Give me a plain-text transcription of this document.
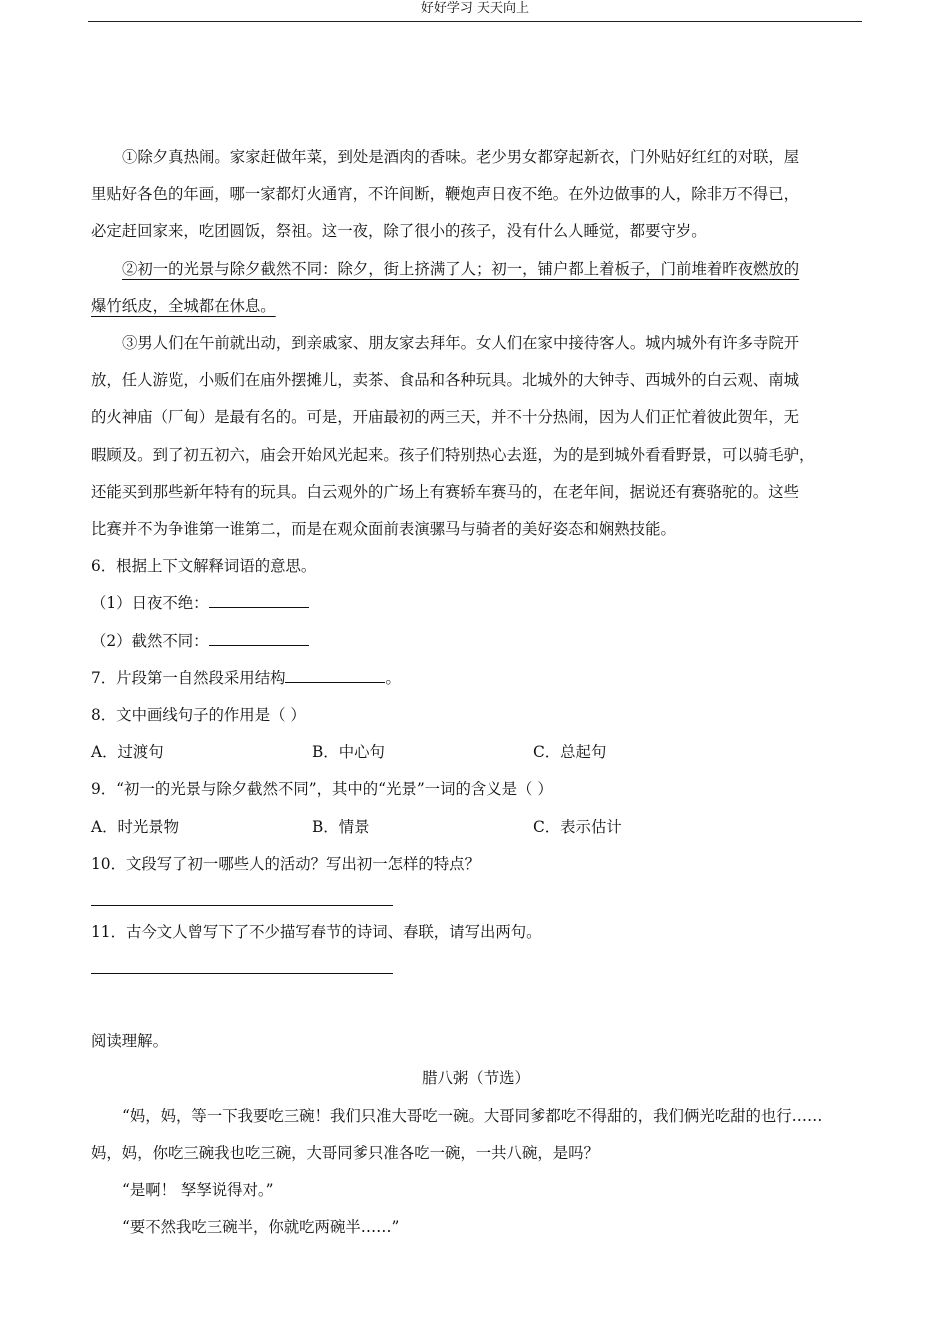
好好学习 天天向上
①除夕真热闹。家家赶做年菜，到处是酒肉的香味。老少男女都穿起新衣，门外贴好红红的对联，屋
里贴好各色的年画，哪一家都灯火通宵，不许间断，鞭炮声日夜不绝。在外边做事的人，除非万不得已，
必定赶回家来，吃团圆饭，祭祖。这一夜，除了很小的孩子，没有什么人睡觉，都要守岁。
②初一的光景与除夕截然不同：除夕，街上挤满了人；初一，铺户都上着板子，门前堆着昨夜燃放的
爆竹纸皮，全城都在休息。
③男人们在午前就出动，到亲戚家、朋友家去拜年。女人们在家中接待客人。城内城外有许多寺院开
放，任人游览，小贩们在庙外摆摊儿，卖茶、食品和各种玩具。北城外的大钟寺、西城外的白云观、南城
的火神庙（厂甸）是最有名的。可是，开庙最初的两三天，并不十分热闹，因为人们正忙着彼此贺年，无
暇顾及。到了初五初六，庙会开始风光起来。孩子们特别热心去逛，为的是到城外看看野景，可以骑毛驴，
还能买到那些新年特有的玩具。白云观外的广场上有赛轿车赛马的，在老年间，据说还有赛骆驼的。这些
比赛并不为争谁第一谁第二，而是在观众面前表演骡马与骑者的美好姿态和娴熟技能。

6．根据上下文解释词语的意思。

（1）日夜不绝：

（2）截然不同：

7．片段第一自然段采用结构	。

8．文中画线句子的作用是（ ）

A．过渡句	B．中心句	C．总起句

9．“初一的光景与除夕截然不同”，其中的“光景”一词的含义是（ ）

A．时光景物	B．情景	C．表示估计

10．文段写了初一哪些人的活动？写出初一怎样的特点？

11．古今文人曾写下了不少描写春节的诗词、春联，请写出两句。

阅读理解。

腊八粥（节选）

“妈，妈，等一下我要吃三碗！我们只准大哥吃一碗。大哥同爹都吃不得甜的，我们俩光吃甜的也行……

妈，妈，你吃三碗我也吃三碗，大哥同爹只准各吃一碗，一共八碗，是吗？

“是啊！ 孥孥说得对。”

“要不然我吃三碗半，你就吃两碗半……”
